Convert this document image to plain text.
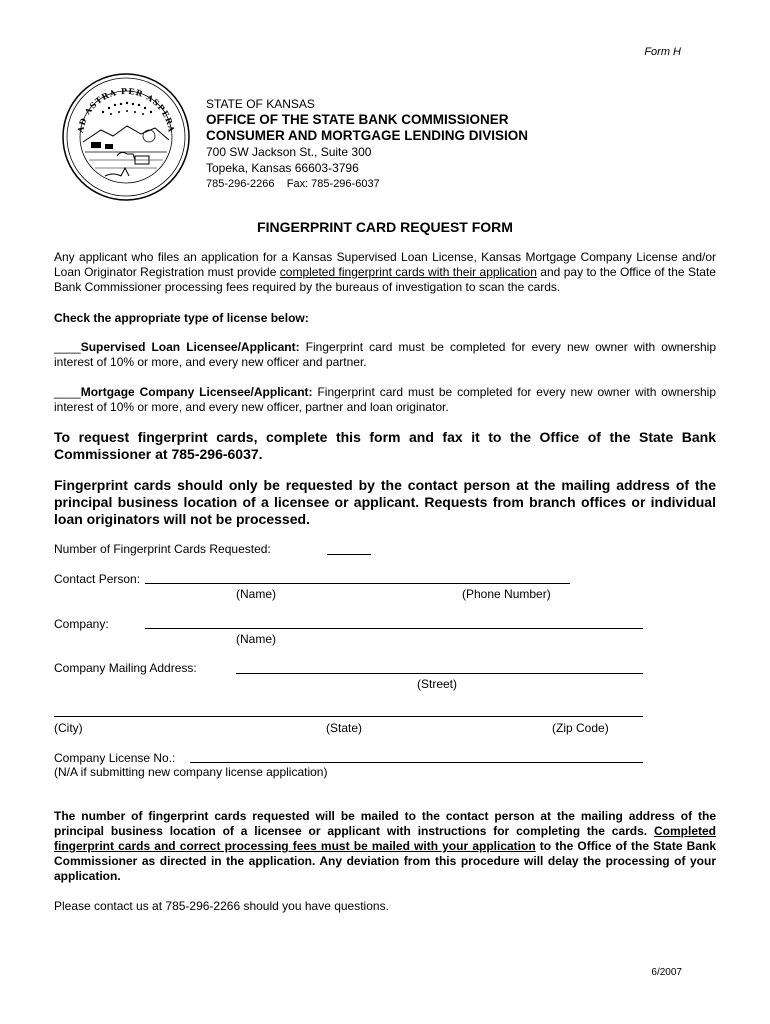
Form H
AD ASTRA PER ASPERA
STATE OF KANSAS
OFFICE OF THE STATE BANK COMMISSIONER
CONSUMER AND MORTGAGE LENDING DIVISION
700 SW Jackson St., Suite 300
Topeka, Kansas 66603-3796
785-296-2266    Fax: 785-296-6037
FINGERPRINT CARD REQUEST FORM
Any applicant who files an application for a Kansas Supervised Loan License, Kansas Mortgage Company License and/or Loan Originator Registration must provide completed fingerprint cards with their application and pay to the Office of the State Bank Commissioner processing fees required by the bureaus of investigation to scan the cards.
Check the appropriate type of license below:
____Supervised Loan Licensee/Applicant: Fingerprint card must be completed for every new owner with ownership interest of 10% or more, and every new officer and partner.
____Mortgage Company Licensee/Applicant: Fingerprint card must be completed for every new owner with ownership interest of 10% or more, and every new officer, partner and loan originator.
To request fingerprint cards, complete this form and fax it to the Office of the State Bank Commissioner at 785-296-6037.
Fingerprint cards should only be requested by the contact person at the mailing address of the principal business location of a licensee or applicant. Requests from branch offices or individual loan originators will not be processed.
Number of Fingerprint Cards Requested:
Contact Person:
(Name)	(Phone Number)
Company:
(Name)
Company Mailing Address:
(Street)
(City)	(State)	(Zip Code)
Company License No.:
(N/A if submitting new company license application)
The number of fingerprint cards requested will be mailed to the contact person at the mailing address of the principal business location of a licensee or applicant with instructions for completing the cards. Completed fingerprint cards and correct processing fees must be mailed with your application to the Office of the State Bank Commissioner as directed in the application. Any deviation from this procedure will delay the processing of your application.
Please contact us at 785-296-2266 should you have questions.
6/2007
